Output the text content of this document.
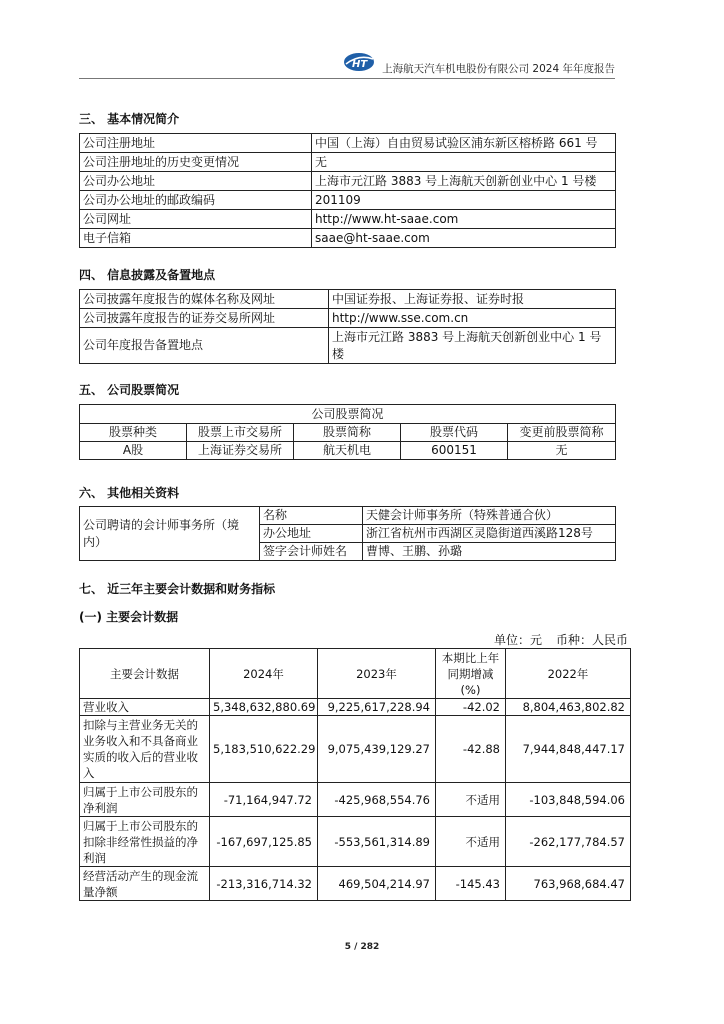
HT 上海航天汽车机电股份有限公司 2024 年年度报告
三、 基本情况简介
公司注册地址	中国（上海）自由贸易试验区浦东新区榕桥路 661 号
公司注册地址的历史变更情况	无
公司办公地址	上海市元江路 3883 号上海航天创新创业中心 1 号楼
公司办公地址的邮政编码	201109
公司网址	http://www.ht-saae.com
电子信箱	saae@ht-saae.com
四、 信息披露及备置地点
公司披露年度报告的媒体名称及网址	中国证券报、上海证券报、证券时报
公司披露年度报告的证券交易所网址	http://www.sse.com.cn
公司年度报告备置地点	上海市元江路 3883 号上海航天创新创业中心 1 号楼
五、 公司股票简况
公司股票简况				
股票种类	股票上市交易所	股票简称	股票代码	变更前股票简称
A股	上海证券交易所	航天机电	600151	无
六、 其他相关资料
公司聘请的会计师事务所（境内）	名称	天健会计师事务所（特殊普通合伙）
	办公地址	浙江省杭州市西湖区灵隐街道西溪路128号
	签字会计师姓名	曹博、王鹏、孙璐
七、 近三年主要会计数据和财务指标
(一) 主要会计数据
单位：元 币种：人民币
主要会计数据	2024年	2023年	本期比上年同期增减(%)	2022年
营业收入	5,348,632,880.69	9,225,617,228.94	-42.02	8,804,463,802.82
扣除与主营业务无关的业务收入和不具备商业实质的收入后的营业收入	5,183,510,622.29	9,075,439,129.27	-42.88	7,944,848,447.17
归属于上市公司股东的净利润	-71,164,947.72	-425,968,554.76	不适用	-103,848,594.06
归属于上市公司股东的扣除非经常性损益的净利润	-167,697,125.85	-553,561,314.89	不适用	-262,177,784.57
经营活动产生的现金流量净额	-213,316,714.32	469,504,214.97	-145.43	763,968,684.47
5 / 282
